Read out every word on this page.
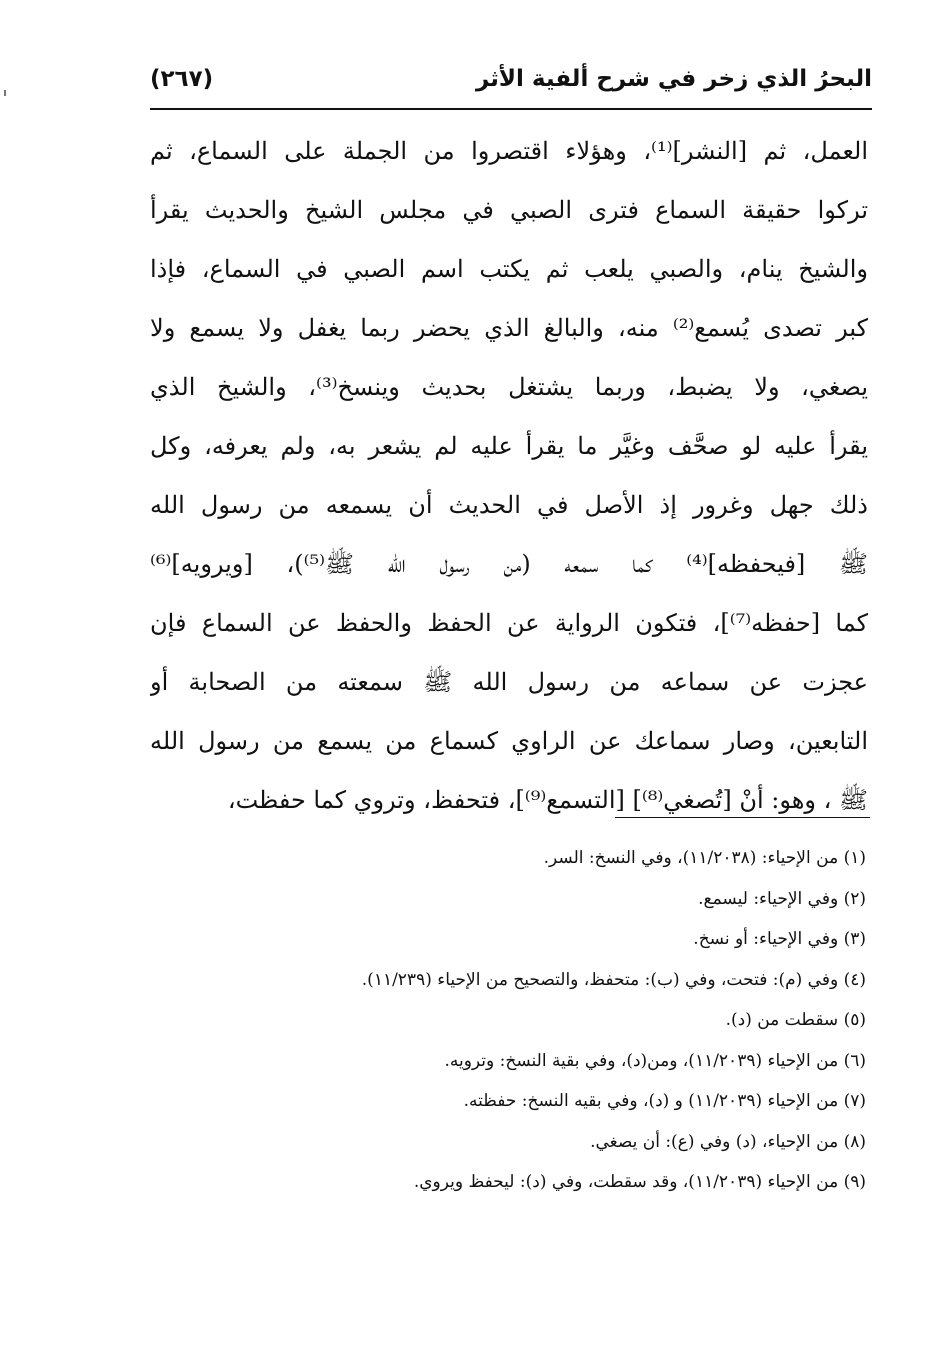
البحرُ الذي زخر في شرح ألفية الأثر
(٢٦٧)
العمل، ثم [النشر]⁽¹⁾، وهؤلاء اقتصروا من الجملة على السماع، ثم
تركوا حقيقة السماع فترى الصبي في مجلس الشيخ والحديث يقرأ
والشيخ ينام، والصبي يلعب ثم يكتب اسم الصبي في السماع، فإذا
كبر تصدى يُسمع⁽²⁾ منه، والبالغ الذي يحضر ربما يغفل ولا يسمع ولا
يصغي، ولا يضبط، وربما يشتغل بحديث وينسخ⁽³⁾، والشيخ الذي
يقرأ عليه لو صحَّف وغيَّر ما يقرأ عليه لم يشعر به، ولم يعرفه، وكل
ذلك جهل وغرور إذ الأصل في الحديث أن يسمعه من رسول الله
ﷺ [فيحفظه]⁽⁴⁾ كما سمعه (من رسول الله ﷺ⁽⁵⁾)، [ويرويه]⁽⁶⁾
كما [حفظه⁽⁷⁾]، فتكون الرواية عن الحفظ والحفظ عن السماع فإن
عجزت عن سماعه من رسول الله ﷺ سمعته من الصحابة أو
التابعين، وصار سماعك عن الراوي كسماع من يسمع من رسول الله
ﷺ ، وهو: أنْ [تُصغي⁽⁸⁾] [التسمع⁽⁹⁾]، فتحفظ، وتروي كما حفظت،
(١) من الإحياء: (١١/٢٠٣٨)، وفي النسخ: السر.
(٢) وفي الإحياء: ليسمع.
(٣) وفي الإحياء: أو نسخ.
(٤) وفي (م): فتحت، وفي (ب): متحفظ، والتصحيح من الإحياء (١١/٢٣٩).
(٥) سقطت من (د).
(٦) من الإحياء (١١/٢٠٣٩)، ومن(د)، وفي بقية النسخ: وترويه.
(٧) من الإحياء (١١/٢٠٣٩) و (د)، وفي بقيه النسخ: حفظته.
(٨) من الإحياء، (د) وفي (ع): أن يصغي.
(٩) من الإحياء (١١/٢٠٣٩)، وقد سقطت، وفي (د): ليحفظ ويروي.
